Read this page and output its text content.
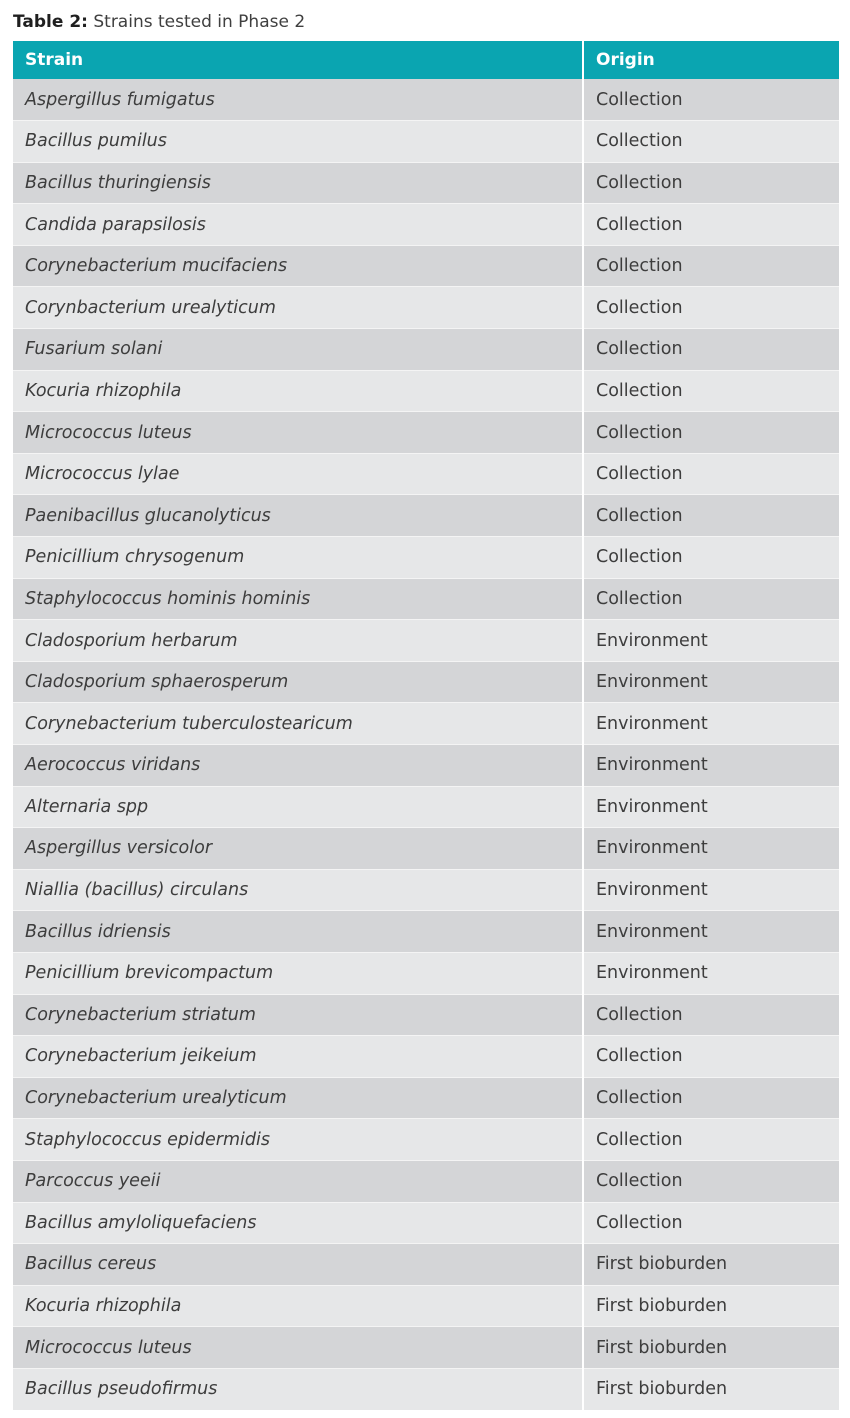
Table 2: Strains tested in Phase 2
Strain	Origin
Aspergillus fumigatus	Collection
Bacillus pumilus	Collection
Bacillus thuringiensis	Collection
Candida parapsilosis	Collection
Corynebacterium mucifaciens	Collection
Corynbacterium urealyticum	Collection
Fusarium solani	Collection
Kocuria rhizophila	Collection
Micrococcus luteus	Collection
Micrococcus lylae	Collection
Paenibacillus glucanolyticus	Collection
Penicillium chrysogenum	Collection
Staphylococcus hominis hominis	Collection
Cladosporium herbarum	Environment
Cladosporium sphaerosperum	Environment
Corynebacterium tuberculostearicum	Environment
Aerococcus viridans	Environment
Alternaria spp	Environment
Aspergillus versicolor	Environment
Niallia (bacillus) circulans	Environment
Bacillus idriensis	Environment
Penicillium brevicompactum	Environment
Corynebacterium striatum	Collection
Corynebacterium jeikeium	Collection
Corynebacterium urealyticum	Collection
Staphylococcus epidermidis	Collection
Parcoccus yeeii	Collection
Bacillus amyloliquefaciens	Collection
Bacillus cereus	First bioburden
Kocuria rhizophila	First bioburden
Micrococcus luteus	First bioburden
Bacillus pseudofirmus	First bioburden
